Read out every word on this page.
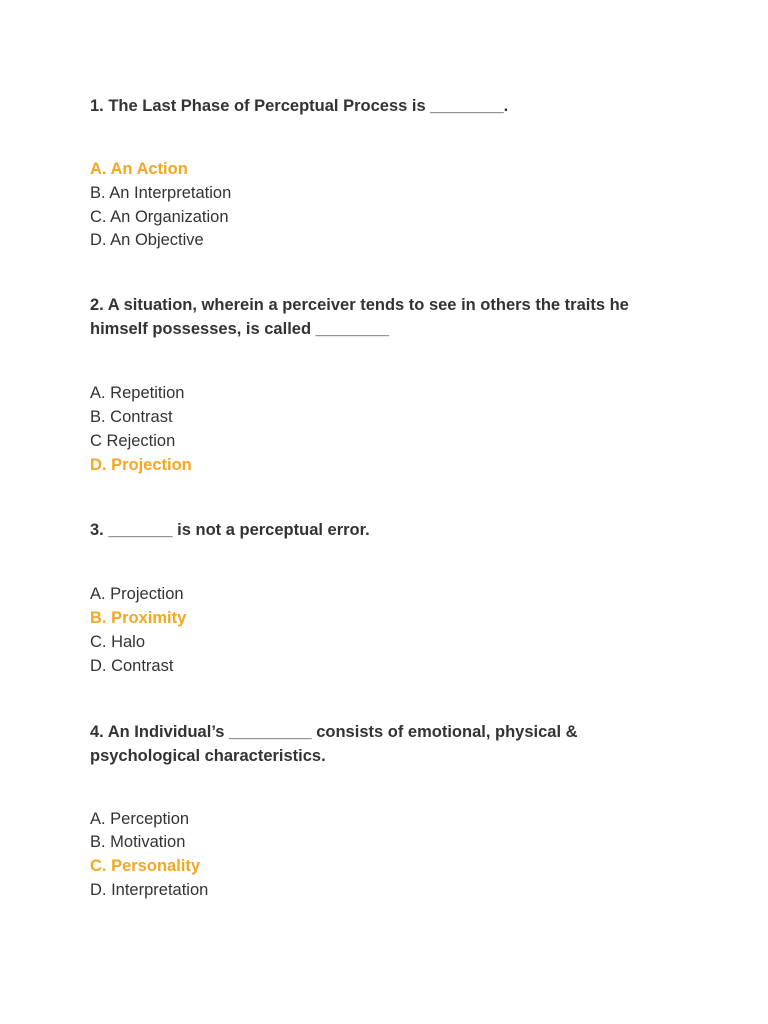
1. The Last Phase of Perceptual Process is ________.

A. An Action
B. An Interpretation
C. An Organization
D. An Objective

2. A situation, wherein a perceiver tends to see in others the traits he himself possesses, is called ________

A. Repetition
B. Contrast
C Rejection
D. Projection

3. _______ is not a perceptual error.

A. Projection
B. Proximity
C. Halo
D. Contrast

4. An Individual’s _________ consists of emotional, physical & psychological characteristics.

A. Perception
B. Motivation
C. Personality
D. Interpretation
